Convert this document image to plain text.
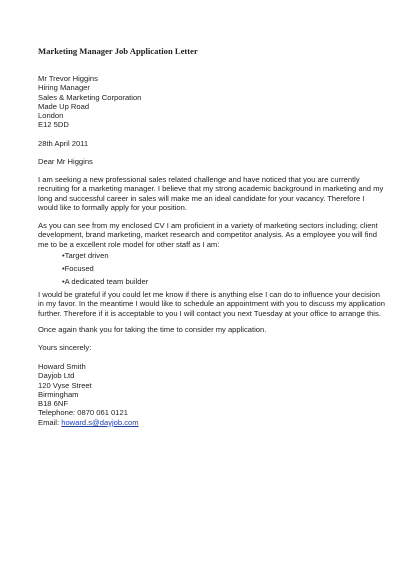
Marketing Manager Job Application Letter
Mr Trevor Higgins
Hiring Manager
Sales & Marketing Corporation
Made Up Road
London
E12 5DD
28th April 2011
Dear Mr Higgins
I am seeking a new professional sales related challenge and have noticed that you are currently
recruiting for a marketing manager. I believe that my strong academic background in marketing and my
long and successful career in sales will make me an ideal candidate for your vacancy. Therefore I
would like to formally apply for your position.
As you can see from my enclosed CV I am proficient in a variety of marketing sectors including; client
development, brand marketing, market research and competitor analysis. As a employee you will find
me to be a excellent role model for other staff as I am:
•Target driven
•Focused
•A dedicated team builder
I would be grateful if you could let me know if there is anything else I can do to influence your decision
in my favor. In the meantime I would like to schedule an appointment with you to discuss my application
further. Therefore if it is acceptable to you I will contact you next Tuesday at your office to arrange this.
Once again thank you for taking the time to consider my application.
Yours sincerely:
Howard Smith
Dayjob Ltd
120 Vyse Street
Birmingham
B18 6NF
Telephone: 0870 061 0121
Email: howard.s@dayjob.com
